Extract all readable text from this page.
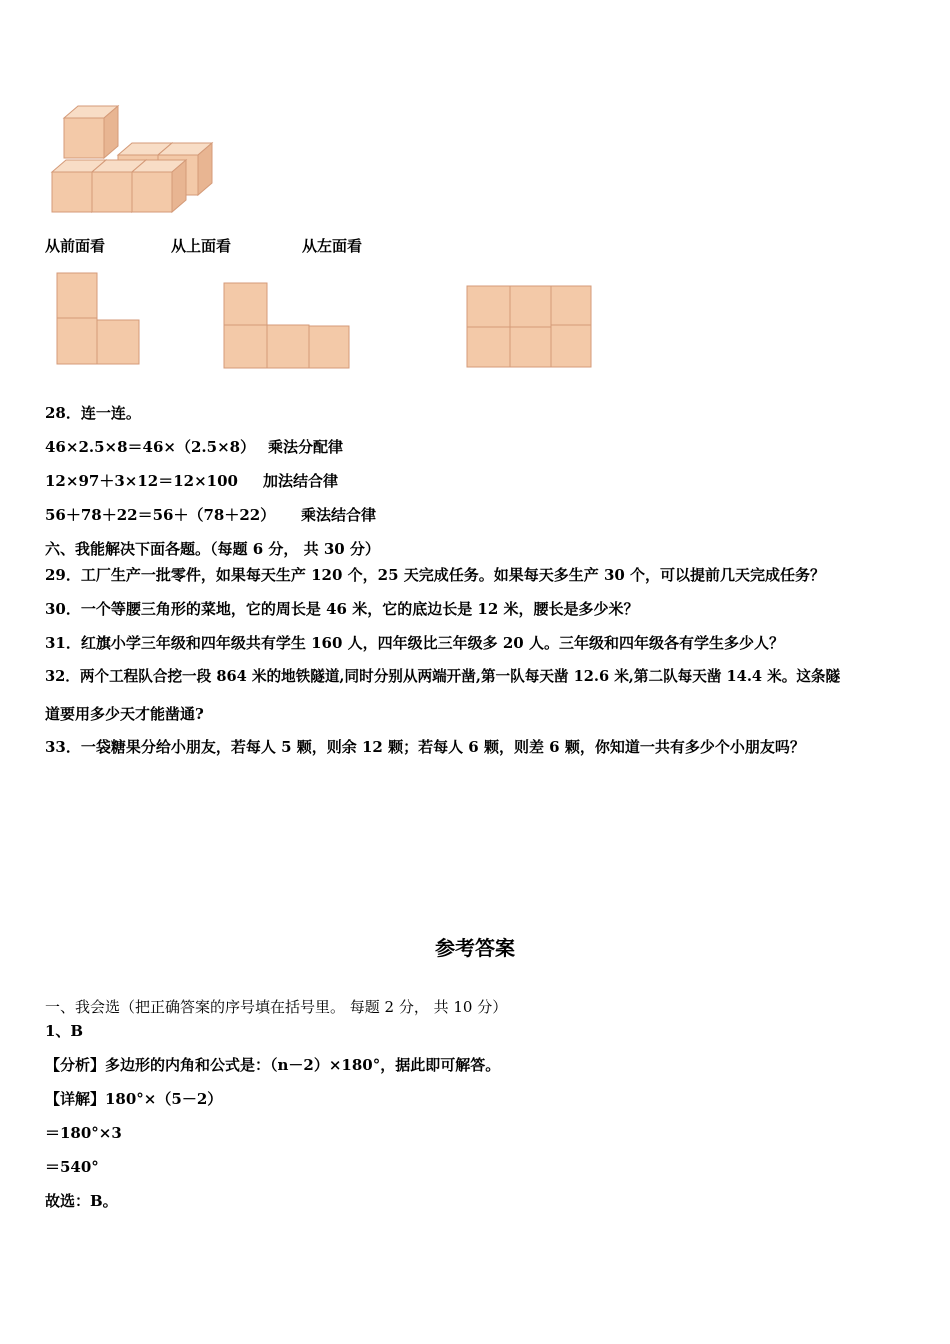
从前面看	从上面看	从左面看
28．连一连。
46×2.5×8＝46×（2.5×8） 乘法分配律
12×97＋3×12＝12×100 加法结合律
56＋78＋22＝56＋（78＋22） 乘法结合律
六、我能解决下面各题。（每题 6 分， 共 30 分）
29．工厂生产一批零件，如果每天生产 120 个，25 天完成任务。如果每天多生产 30 个，可以提前几天完成任务？
30．一个等腰三角形的菜地，它的周长是 46 米，它的底边长是 12 米，腰长是多少米？
31．红旗小学三年级和四年级共有学生 160 人，四年级比三年级多 20 人。三年级和四年级各有学生多少人？
32．两个工程队合挖一段 864 米的地铁隧道,同时分别从两端开凿,第一队每天凿 12.6 米,第二队每天凿 14.4 米。这条隧
道要用多少天才能凿通?
33．一袋糖果分给小朋友，若每人 5 颗，则余 12 颗；若每人 6 颗，则差 6 颗，你知道一共有多少个小朋友吗？
参考答案
一、我会选（把正确答案的序号填在括号里。 每题 2 分， 共 10 分）
1、B
【分析】多边形的内角和公式是：（n－2）×180°，据此即可解答。
【详解】180°×（5－2）
＝180°×3
＝540°
故选：B。
